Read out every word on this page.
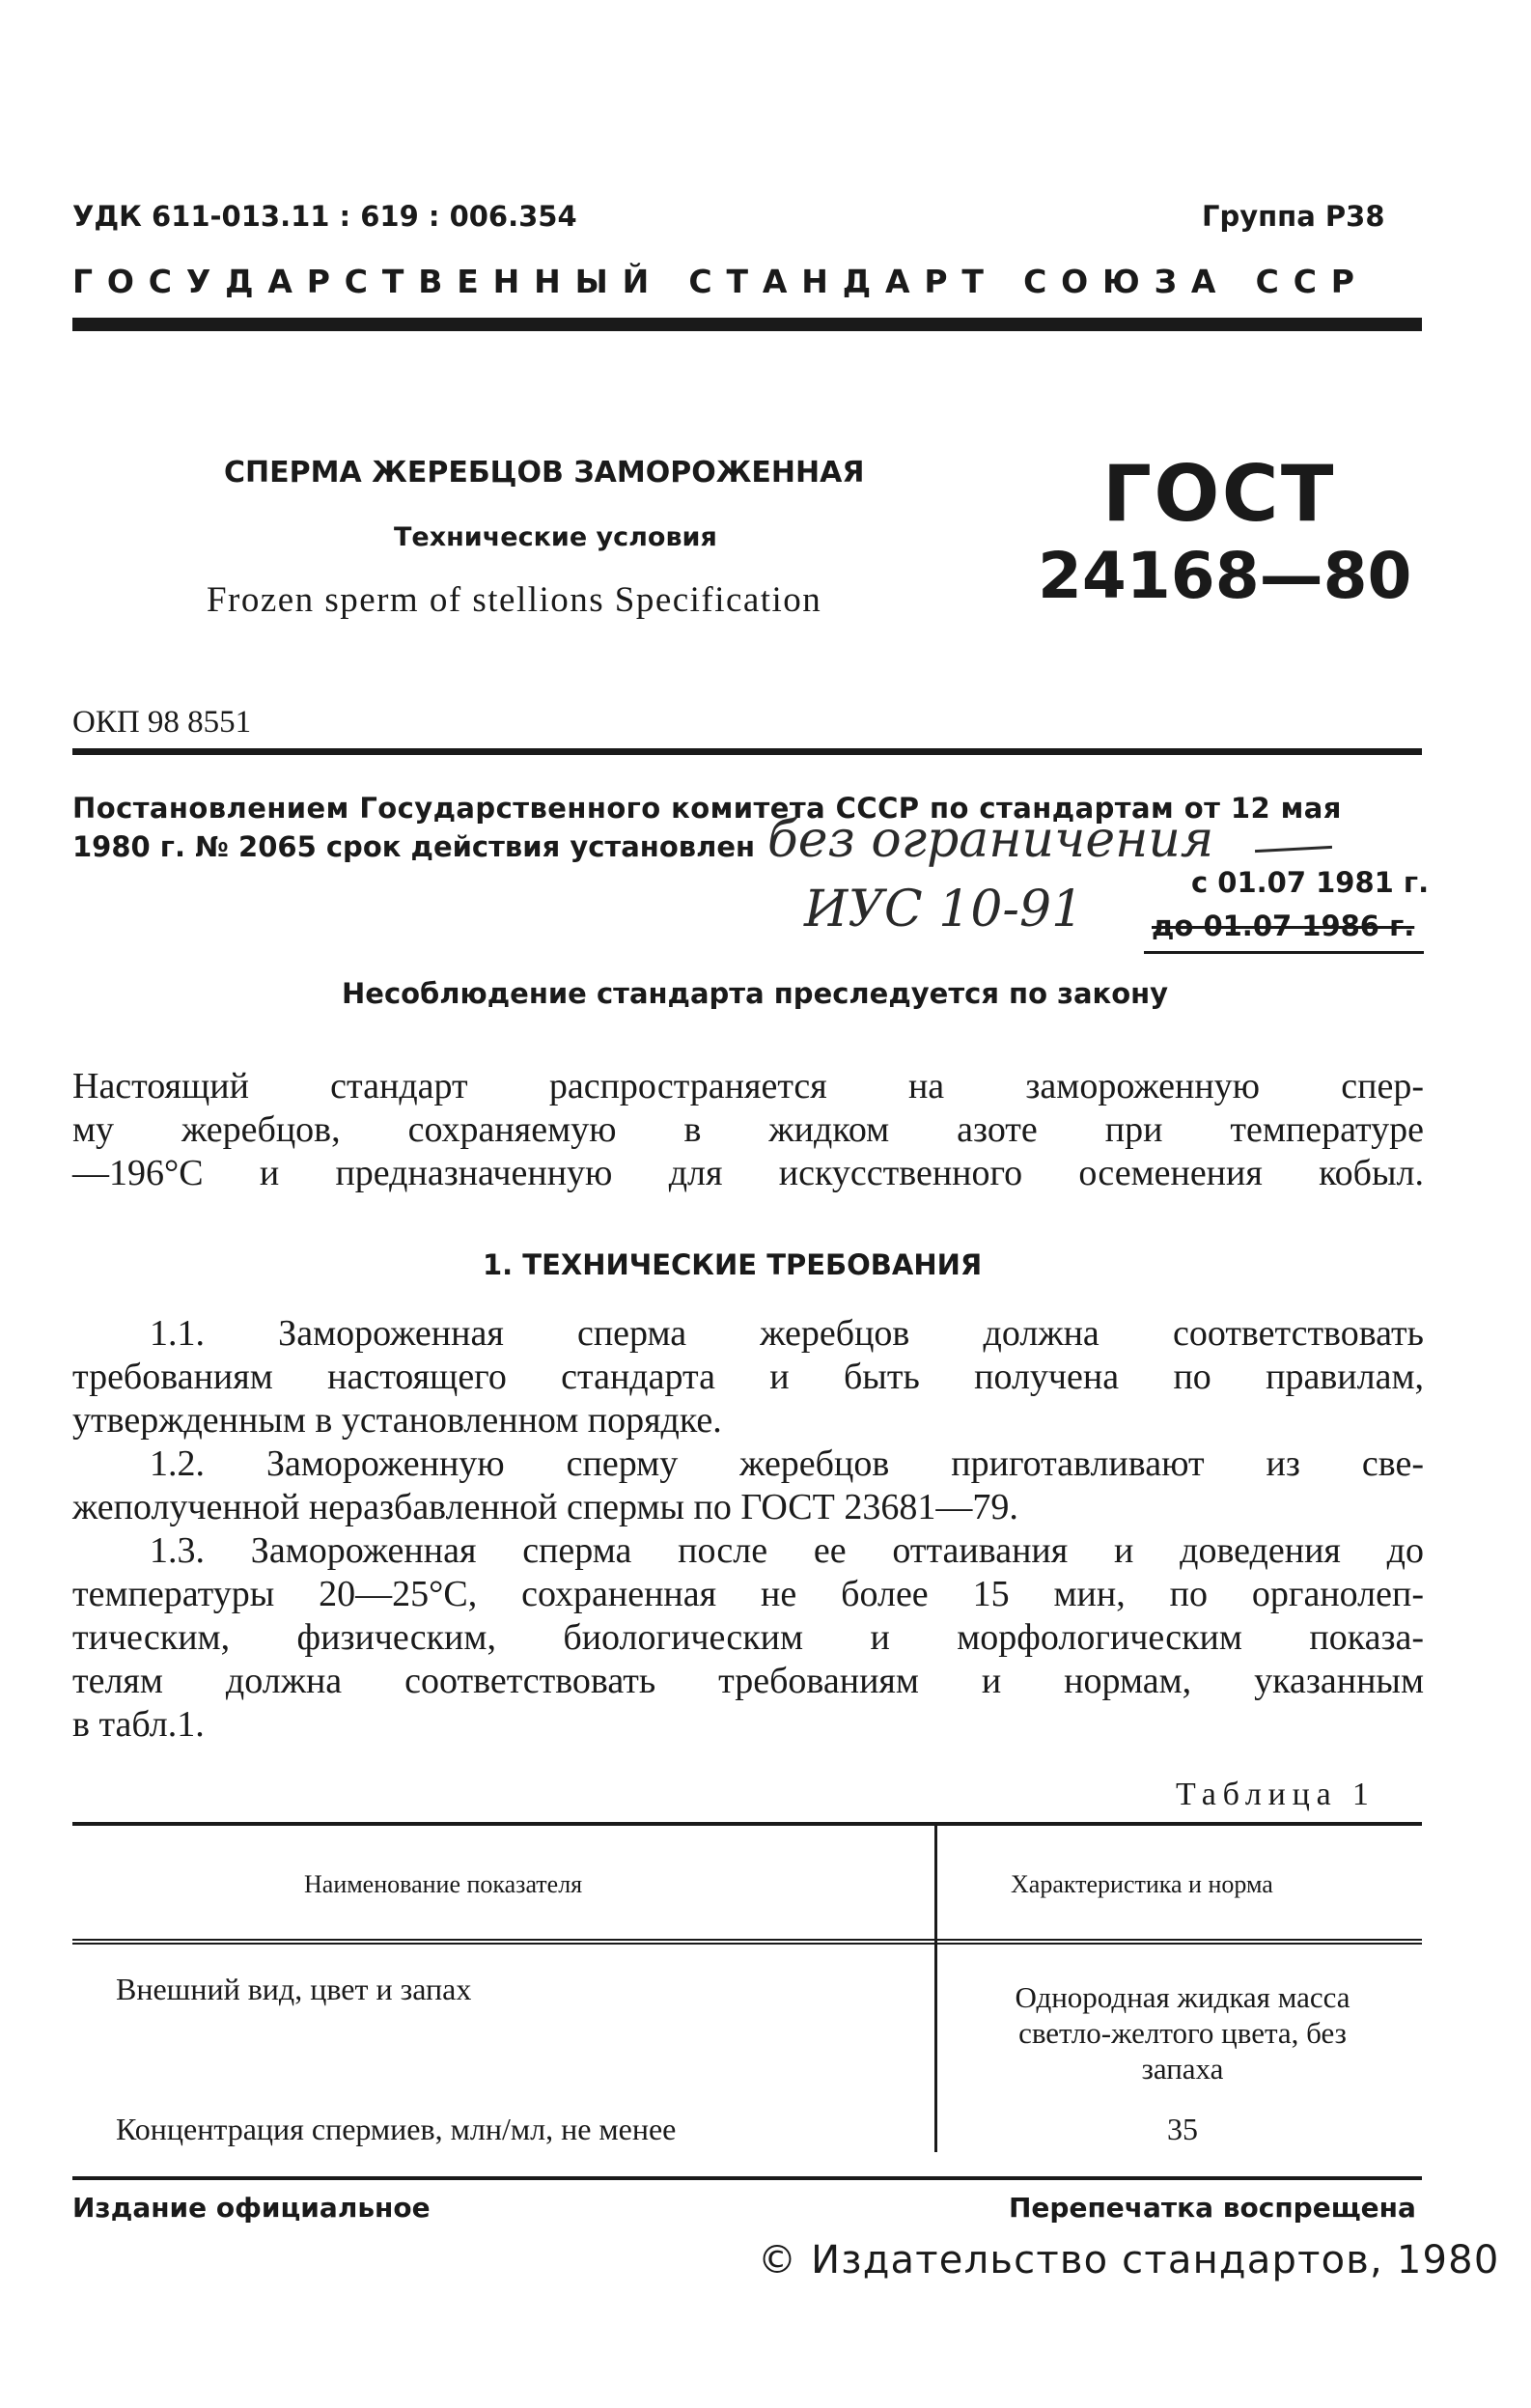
УДК 611-013.11 : 619 : 006.354	Группа Р38
ГОСУДАРСТВЕННЫЙ СТАНДАРТ СОЮЗА ССР
СПЕРМА ЖЕРЕБЦОВ ЗАМОРОЖЕННАЯ
Технические условия
Frozen sperm of stellions Specification
ГОСТ
24168—80
ОКП 98 8551
Постановлением Государственного комитета СССР по стандартам от 12 мая
1980 г. № 2065 срок действия установлен без ограничения
ИУС 10-91	с 01.07 1981 г.
до 01.07 1986 г.
Несоблюдение стандарта преследуется по закону
Настоящий стандарт распространяется на замороженную спер-
му жеребцов, сохраняемую в жидком азоте при температуре
—196°С и предназначенную для искусственного осеменения кобыл.
1. ТЕХНИЧЕСКИЕ ТРЕБОВАНИЯ
1.1. Замороженная сперма жеребцов должна соответствовать
требованиям настоящего стандарта и быть получена по правилам,
утвержденным в установленном порядке.
1.2. Замороженную сперму жеребцов приготавливают из све-
жеполученной неразбавленной спермы по ГОСТ 23681—79.
1.3. Замороженная сперма после ее оттаивания и доведения до
температуры 20—25°С, сохраненная не более 15 мин, по органолеп-
тическим, физическим, биологическим и морфологическим показа-
телям должна соответствовать требованиям и нормам, указанным
в табл.1.
Таблица 1
Наименование показателя	Характеристика и норма
Внешний вид, цвет и запах	Однородная жидкая масса
светло-желтого цвета, без
запаха
Концентрация спермиев, млн/мл, не менее	35
Издание официальное	Перепечатка воспрещена
© Издательство стандартов, 1980
